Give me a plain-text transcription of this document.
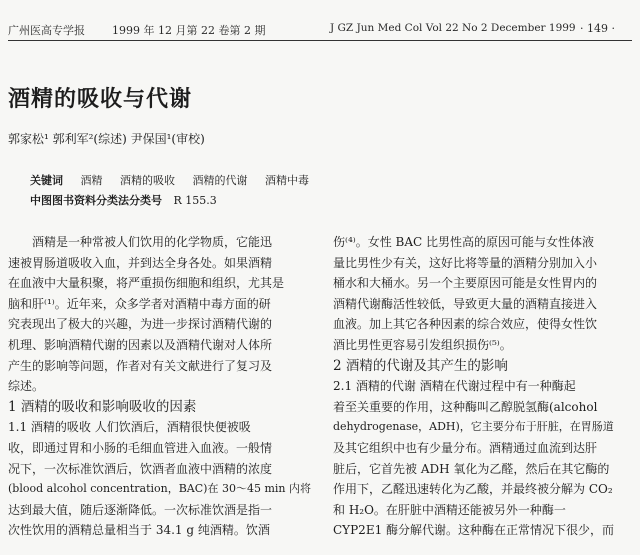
广州医高专学报 1999 年 12 月第 22 卷第 2 期	J GZ Jun Med Col Vol 22 No 2 December 1999 · 149 ·
酒精的吸收与代谢
郭家松¹ 郭利军²(综述) 尹保国¹(审校)
关键词 酒精 酒精的吸收 酒精的代谢 酒精中毒
中图图书资料分类法分类号 R 155.3
酒精是一种常被人们饮用的化学物质，它能迅
速被胃肠道吸收入血，并到达全身各处。如果酒精
在血液中大量积聚，将严重损伤细胞和组织，尤其是
脑和肝⁽¹⁾。近年来，众多学者对酒精中毒方面的研
究表现出了极大的兴趣，为进一步探讨酒精代谢的
机理、影响酒精代谢的因素以及酒精代谢对人体所
产生的影响等问题，作者对有关文献进行了复习及
综述。
1 酒精的吸收和影响吸收的因素
1.1 酒精的吸收 人们饮酒后，酒精很快便被吸
收，即通过胃和小肠的毛细血管进入血液。一般情
况下，一次标准饮酒后，饮酒者血液中酒精的浓度
(blood alcohol concentration，BAC)在 30～45 min 内将
达到最大值，随后逐渐降低。一次标准饮酒是指一
次性饮用的酒精总量相当于 34.1 g 纯酒精。饮酒
伤⁽⁴⁾。女性 BAC 比男性高的原因可能与女性体液
量比男性少有关，这好比将等量的酒精分别加入小
桶水和大桶水。另一个主要原因可能是女性胃内的
酒精代谢酶活性较低，导致更大量的酒精直接进入
血液。加上其它各种因素的综合效应，使得女性饮
酒比男性更容易引发组织损伤⁽⁵⁾。
2 酒精的代谢及其产生的影响
2.1 酒精的代谢 酒精在代谢过程中有一种酶起
着至关重要的作用，这种酶叫乙醇脱氢酶(alcohol
dehydrogenase，ADH)，它主要分布于肝脏，在胃肠道
及其它组织中也有少量分布。酒精通过血流到达肝
脏后，它首先被 ADH 氧化为乙醛，然后在其它酶的
作用下，乙醛迅速转化为乙酸，并最终被分解为 CO₂
和 H₂O。在肝脏中酒精还能被另外一种酶一
CYP2E1 酶分解代谢。这种酶在正常情况下很少，而
